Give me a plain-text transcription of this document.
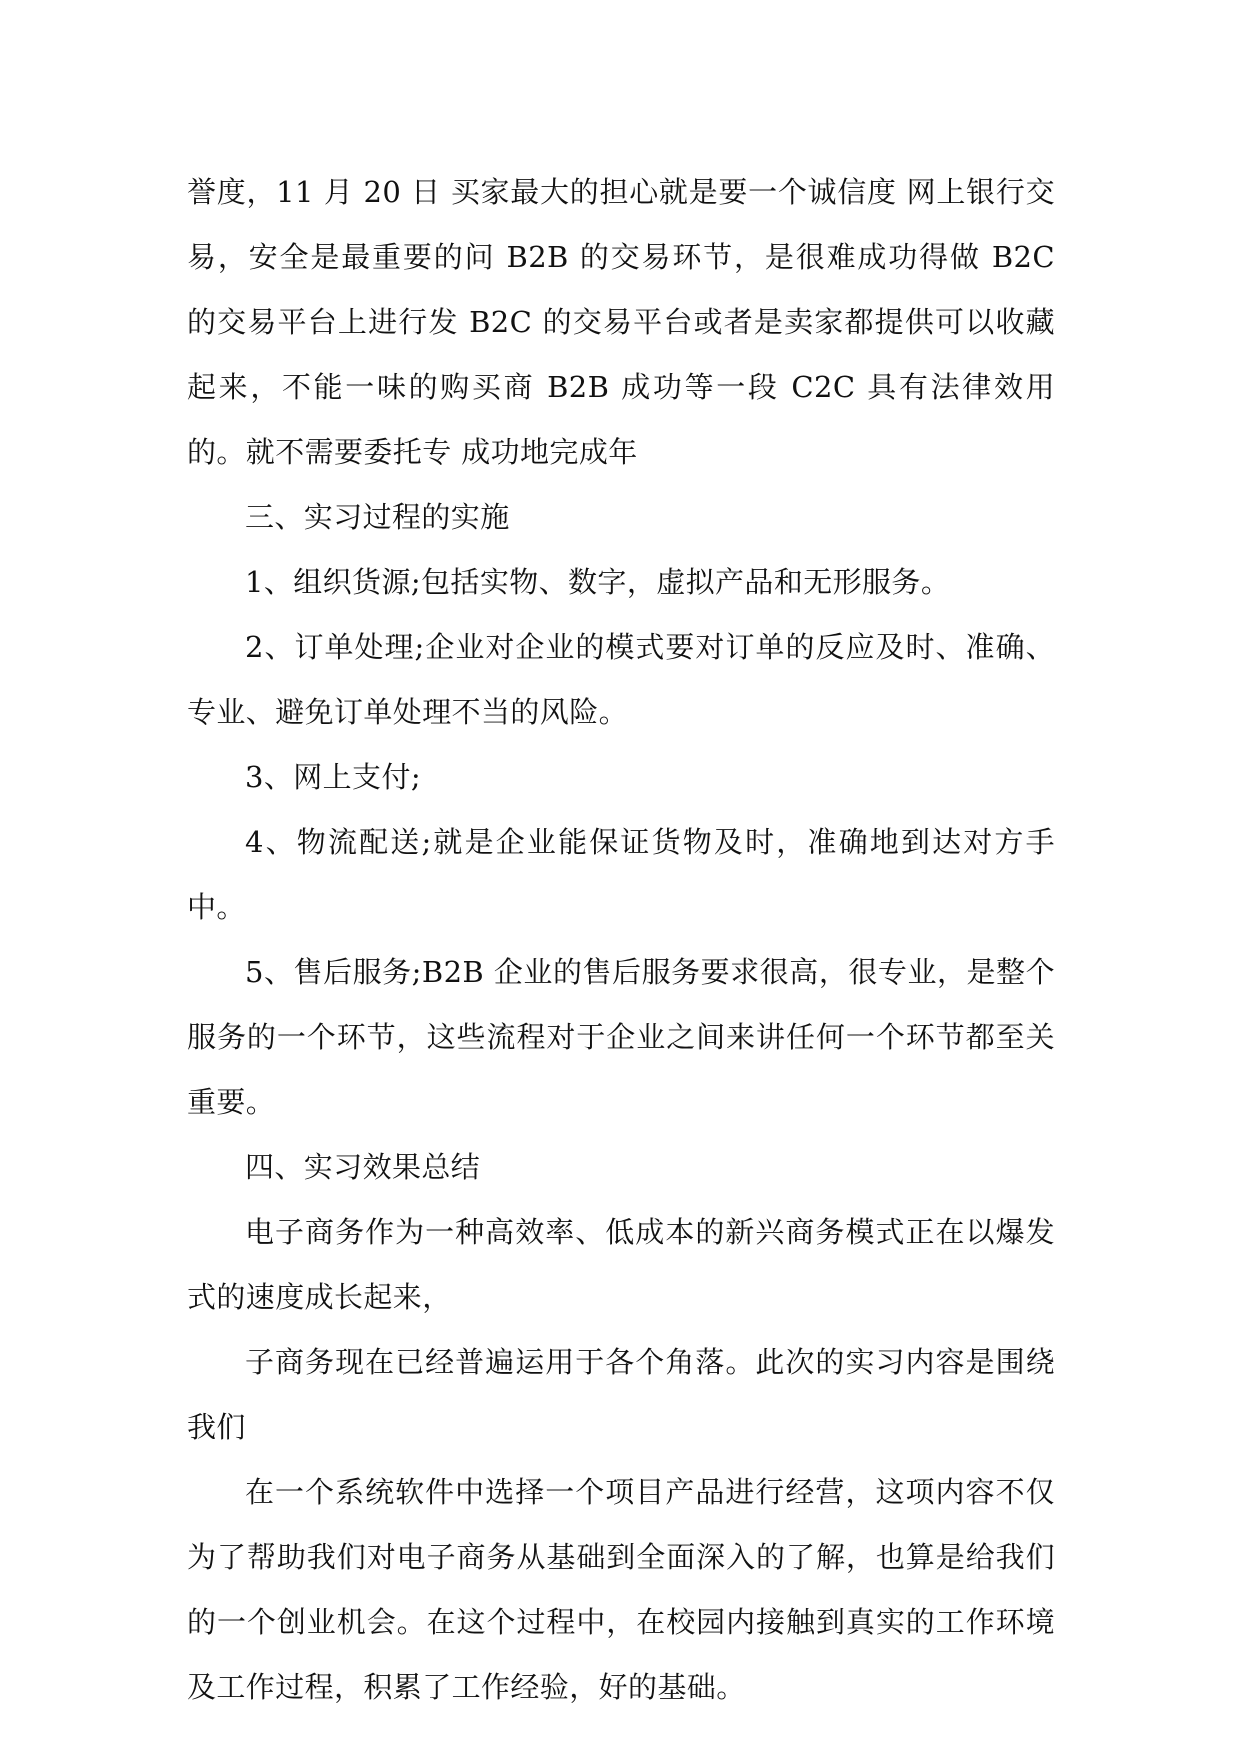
誉度，11 月 20 日 买家最大的担心就是要一个诚信度 网上银行交易，安全是最重要的问 B2B 的交易环节，是很难成功得做 B2C 的交易平台上进行发 B2C 的交易平台或者是卖家都提供可以收藏起来，不能一味的购买商 B2B 成功等一段 C2C 具有法律效用的。就不需要委托专 成功地完成年

三、实习过程的实施

1、组织货源;包括实物、数字，虚拟产品和无形服务。

2、订单处理;企业对企业的模式要对订单的反应及时、准确、专业、避免订单处理不当的风险。

3、网上支付;

4、物流配送;就是企业能保证货物及时，准确地到达对方手中。

5、售后服务;B2B 企业的售后服务要求很高，很专业，是整个服务的一个环节，这些流程对于企业之间来讲任何一个环节都至关重要。

四、实习效果总结

电子商务作为一种高效率、低成本的新兴商务模式正在以爆发式的速度成长起来，

子商务现在已经普遍运用于各个角落。此次的实习内容是围绕我们

在一个系统软件中选择一个项目产品进行经营，这项内容不仅为了帮助我们对电子商务从基础到全面深入的了解，也算是给我们的一个创业机会。在这个过程中，在校园内接触到真实的工作环境及工作过程，积累了工作经验，好的基础。
